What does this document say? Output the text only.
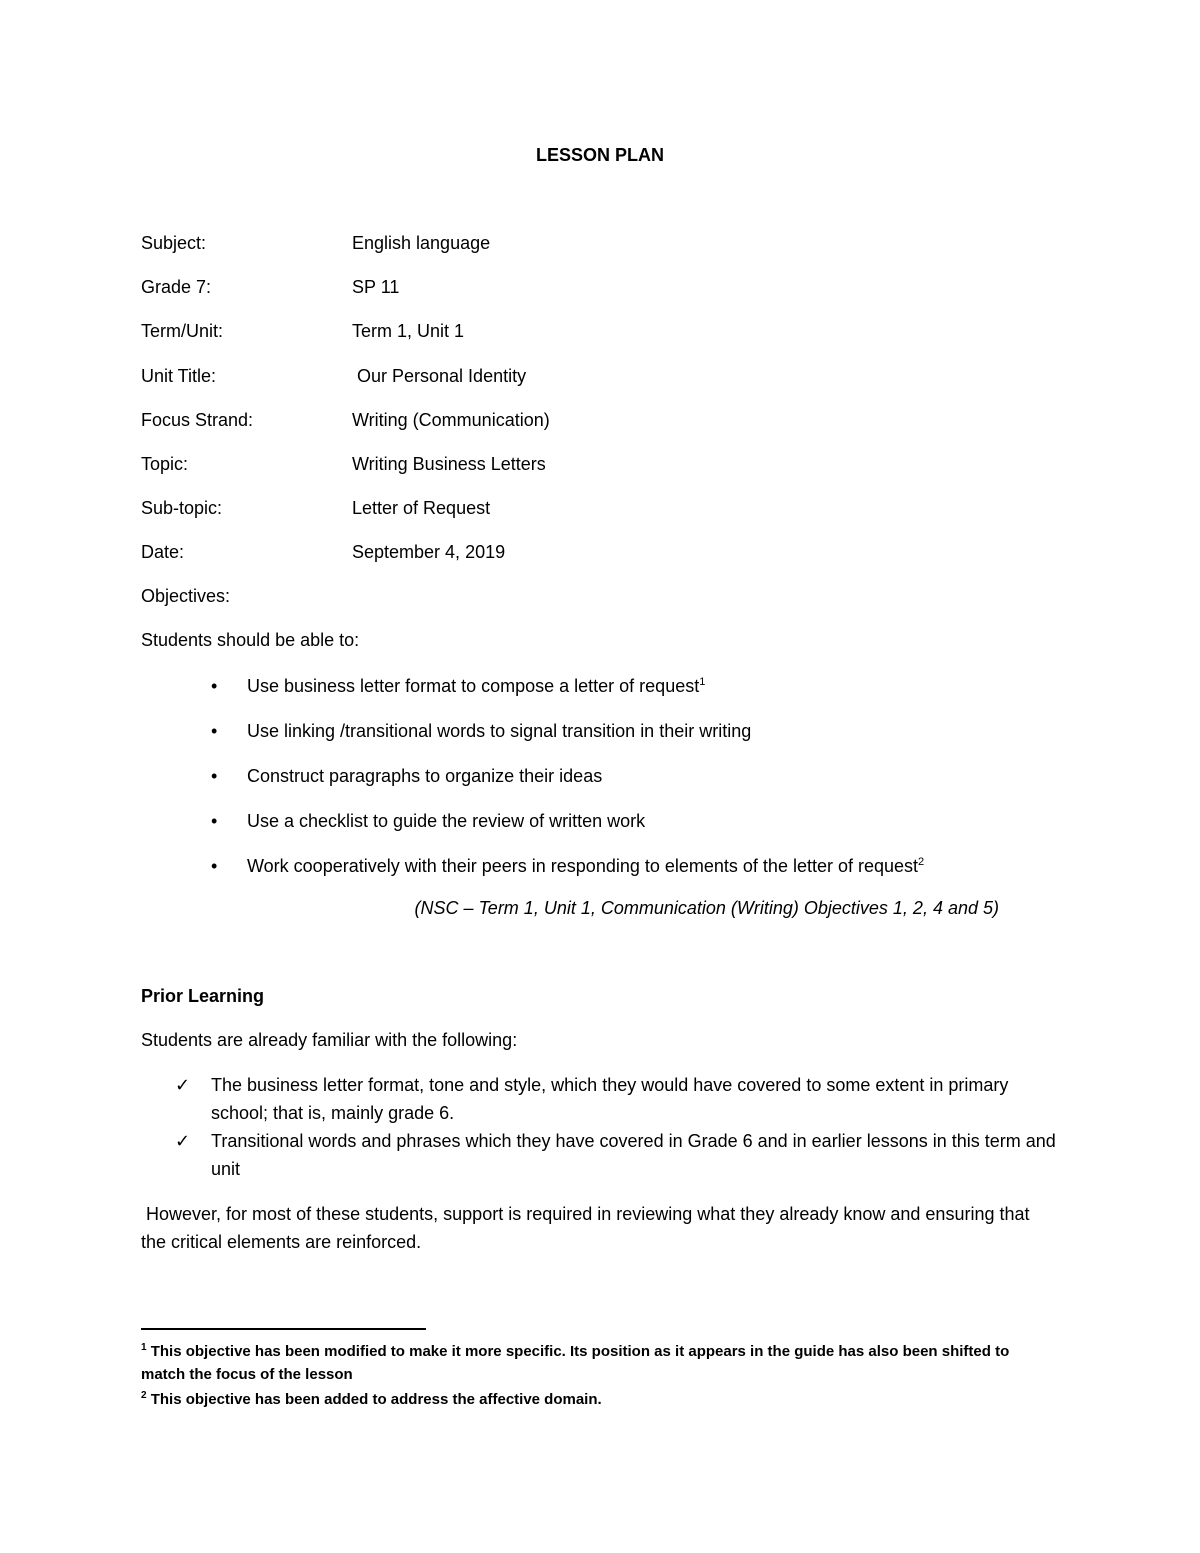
LESSON PLAN
Subject:	English language
Grade 7:	SP 11
Term/Unit:	Term 1, Unit 1
Unit Title:	Our Personal Identity
Focus Strand:	Writing (Communication)
Topic:	Writing Business Letters
Sub-topic:	Letter of Request
Date:	September 4, 2019
Objectives:
Students should be able to:
• Use business letter format to compose a letter of request$^1$
• Use linking /transitional words to signal transition in their writing
• Construct paragraphs to organize their ideas
• Use a checklist to guide the review of written work
• Work cooperatively with their peers in responding to elements of the letter of request$^2$
(NSC – Term 1, Unit 1, Communication (Writing) Objectives 1, 2, 4 and 5)
Prior Learning
Students are already familiar with the following:
✓ The business letter format, tone and style, which they would have covered to some extent in primary school; that is, mainly grade 6.
✓ Transitional words and phrases which they have covered in Grade 6 and in earlier lessons in this term and unit
However, for most of these students, support is required in reviewing what they already know and ensuring that the critical elements are reinforced.
$^1$ This objective has been modified to make it more specific. Its position as it appears in the guide has also been shifted to match the focus of the lesson
$^2$ This objective has been added to address the affective domain.
